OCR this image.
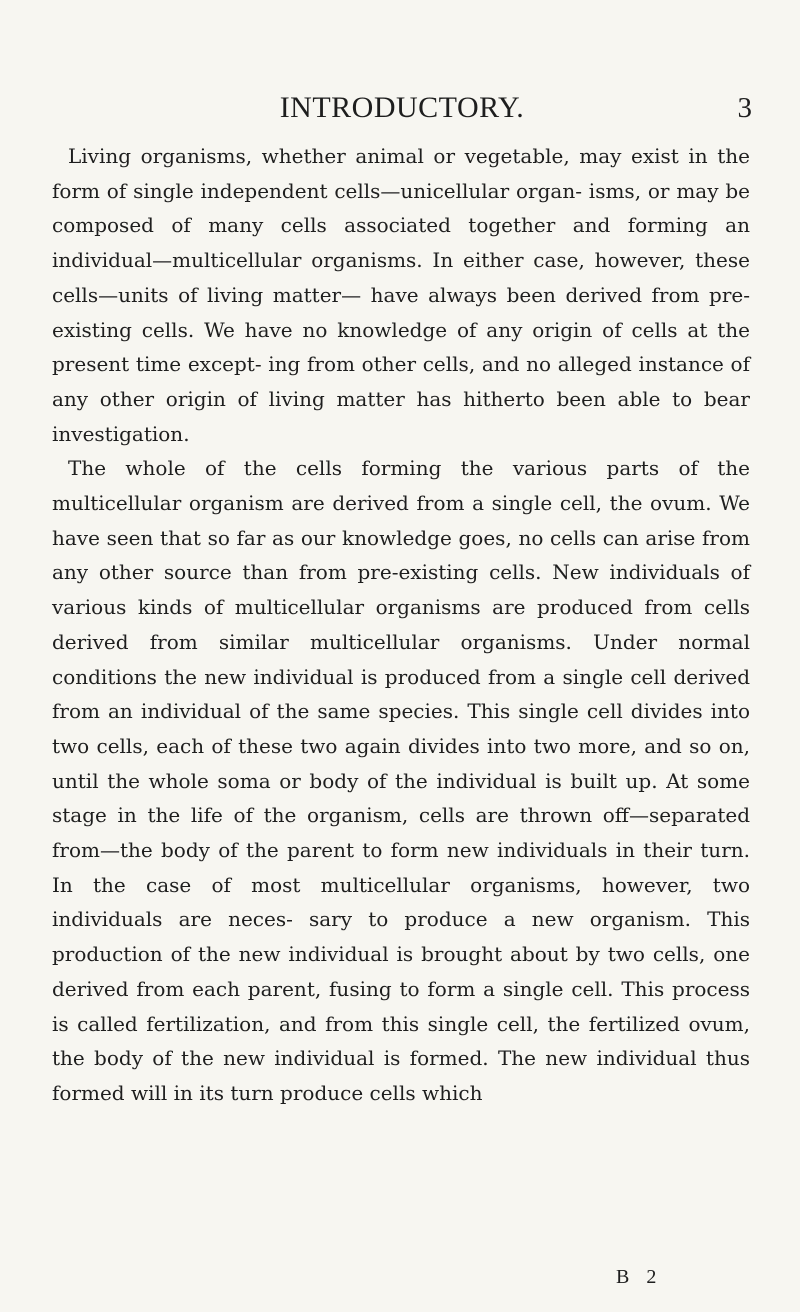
INTRODUCTORY.	3

Living organisms, whether animal or vegetable, may exist in the form of single independent cells—unicellular organ- isms, or may be composed of many cells associated together and forming an individual—multicellular organisms. In either case, however, these cells—units of living matter— have always been derived from pre-existing cells. We have no knowledge of any origin of cells at the present time except- ing from other cells, and no alleged instance of any other origin of living matter has hitherto been able to bear investigation.

The whole of the cells forming the various parts of the multicellular organism are derived from a single cell, the ovum. We have seen that so far as our knowledge goes, no cells can arise from any other source than from pre-existing cells. New individuals of various kinds of multicellular organisms are produced from cells derived from similar multicellular organisms. Under normal conditions the new individual is produced from a single cell derived from an individual of the same species. This single cell divides into two cells, each of these two again divides into two more, and so on, until the whole soma or body of the individual is built up. At some stage in the life of the organism, cells are thrown off—separated from—the body of the parent to form new individuals in their turn. In the case of most multicellular organisms, however, two individuals are neces- sary to produce a new organism. This production of the new individual is brought about by two cells, one derived from each parent, fusing to form a single cell. This process is called fertilization, and from this single cell, the fertilized ovum, the body of the new individual is formed. The new individual thus formed will in its turn produce cells which

B 2
